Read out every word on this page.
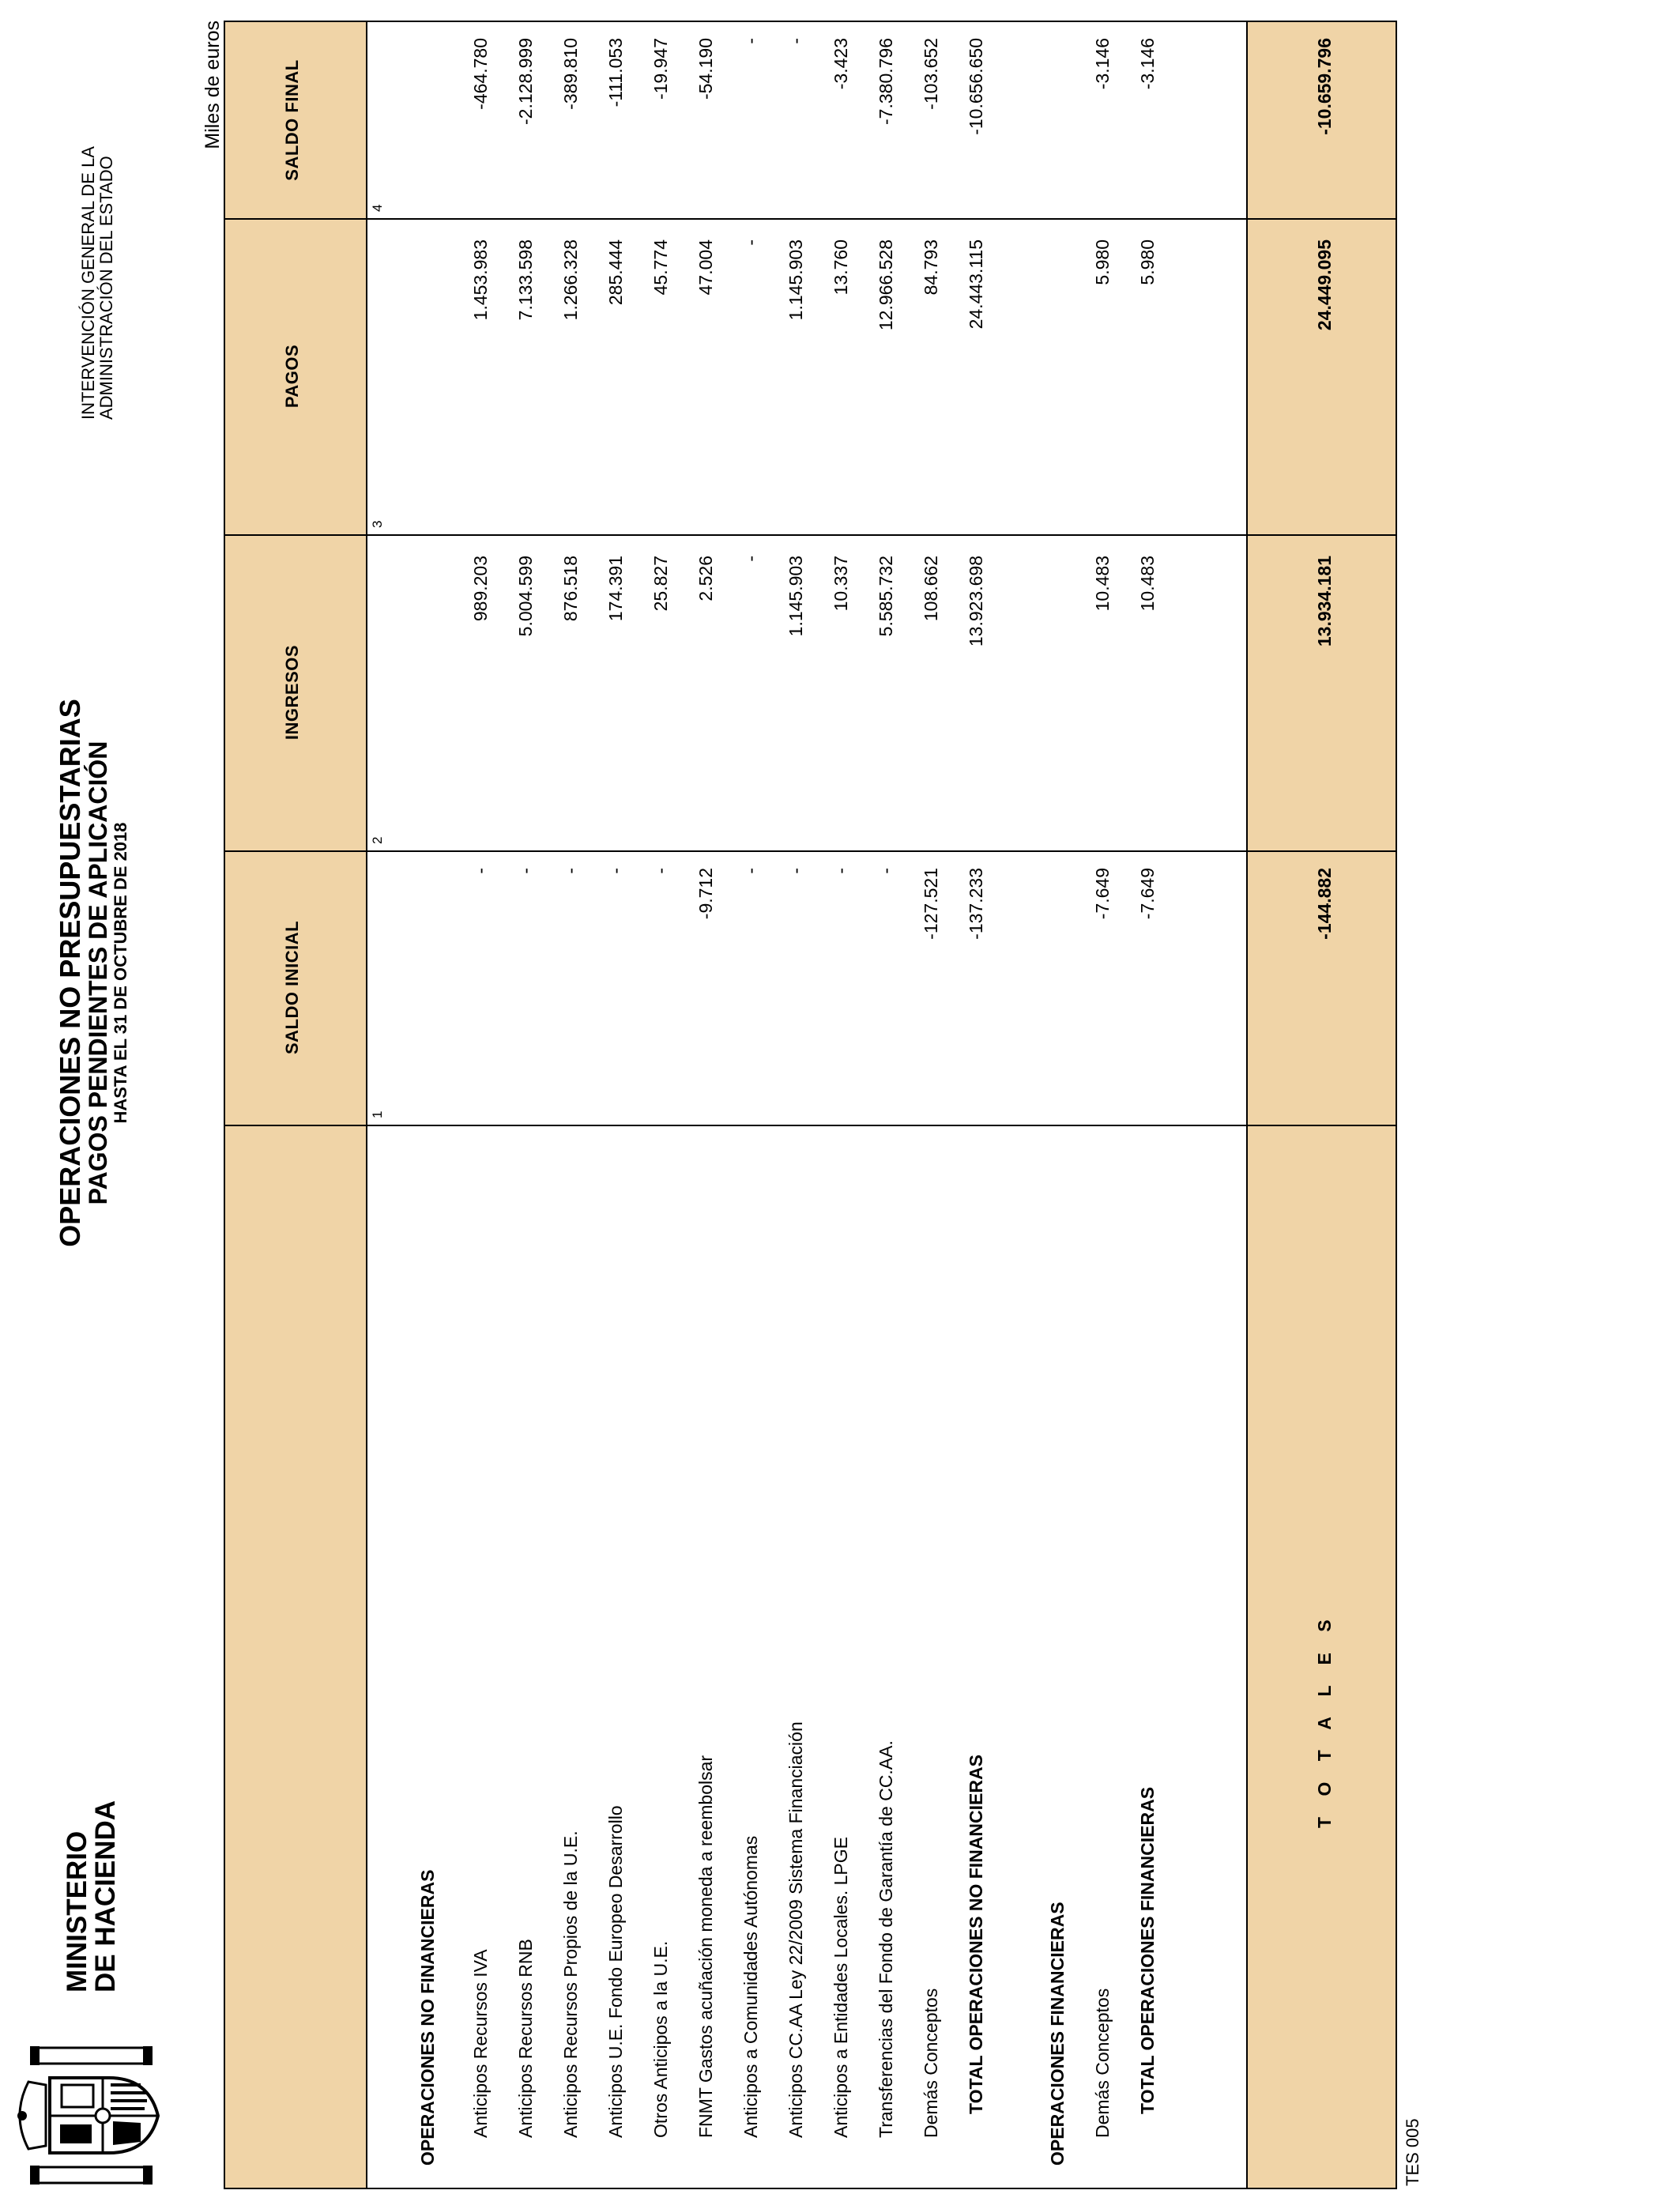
MINISTERIO
DE HACIENDA
OPERACIONES NO PRESUPUESTARIAS
PAGOS PENDIENTES DE APLICACIÓN
HASTA EL 31 DE OCTUBRE DE 2018
INTERVENCIÓN GENERAL DE LA
ADMINISTRACIÓN DEL ESTADO
Miles de euros
SALDO INICIAL
INGRESOS
PAGOS
SALDO FINAL
1
2
3
4
OPERACIONES NO FINANCIERAS Anticipos Recursos IVA
-
989.203
1.453.983
-464.780
Anticipos Recursos RNB
-
5.004.599
7.133.598
-2.128.999
Anticipos Recursos Propios de la U.E.
-
876.518
1.266.328
-389.810
Anticipos U.E. Fondo Europeo Desarrollo
-
174.391
285.444
-111.053
Otros Anticipos a la U.E.
-
25.827
45.774
-19.947
FNMT Gastos acuñación moneda a reembolsar
-9.712
2.526
47.004
-54.190
Anticipos a Comunidades Autónomas
-
-
-
-
Anticipos CC.AA Ley 22/2009 Sistema Financiación
-
1.145.903
1.145.903
-
Anticipos a Entidades Locales. LPGE
-
10.337
13.760
-3.423
Transferencias del Fondo de Garantía de CC.AA.
-
5.585.732
12.966.528
-7.380.796
Demás Conceptos
-127.521
108.662
84.793
-103.652
TOTAL OPERACIONES NO FINANCIERAS
-137.233
13.923.698
24.443.115
-10.656.650
OPERACIONES FINANCIERAS Demás Conceptos
-7.649
10.483
5.980
-3.146
TOTAL OPERACIONES FINANCIERAS
-7.649
10.483
5.980
-3.146
T O T A L E S
-144.882
13.934.181
24.449.095
-10.659.796
TES 005
